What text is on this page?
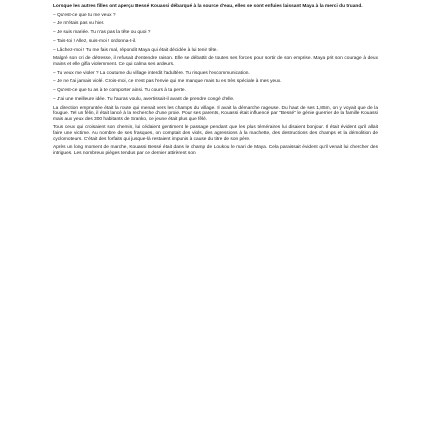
Lorsque les autres filles ont aperçu Bessé Kouassi débarqué à la source d'eau, elles se sont enfuies laissant Maya à la merci du truand.

– Qu'est-ce que tu me veux ?

– Je m'étais pas vu hier.

– Je suis mariée. Tu n'as pas la tête ou quoi ?

– Tais-toi ! Allez, suis-moi ! ordonna-t-il.

– Lâchez-moi ! Tu me fais mal, répondit Maya qui était décidée à lui tenir tête.

Malgré son cri de détresse, il refusait d'entendre raison. Elle se débattit de toutes ses forces pour sortir de son emprise. Maya prit son courage à deux mains et elle gifla violemment. Ce qui calma ses ardeurs.

– Tu veux me violer ? La coutume du village interdit l'adultère. Tu risques l'excommunication.

– Je ne t'ai jamais violé. Crois-moi, ce n'est pas l'envie qui me manque mais tu es très spéciale à mes yeux.

– Qu'est-ce que tu as à te comporter ainsi. Tu cours à ta perte.

– J'ai une meilleure idée. Tu l'auras voulu, avertissait-il avant de prendre congé d'elle.

La direction empruntée était la route qui menait vers les champs du village. Il avait la démarche rageuse. Du haut de ses 1,85m, on y voyait que de la fougue. Tel un félin, il était lancé à la recherche d'une proie. Pour ses parents, Kouassi était influencé par "Bessé" le génie guerrier de la famille Kouassi mais aux yeux des 300 habitants de Sranko, ce jeune était plus que fêlé.

Tous ceux qui croisaient son chemin, lui cédaient gentiment le passage pendant que les plus téméraires lui disaient bonjour. Il était évident qu'il allait faire une victime. Au nombre de ses frasques, on comptait des viols, des agressions à la machette, des destructions des champs et la démolition de cyclomoteurs. C'était des forfaits qui jusque-là restaient impunis à cause du titre de son père.

Après un long moment de marche, Kouassi Bessé était dans le champ de Loukou le mari de Maya. Cela paraissait évident qu'il venait lui chercher des intrigues. Les nombreux pièges tendus par ce dernier attirèrent son
